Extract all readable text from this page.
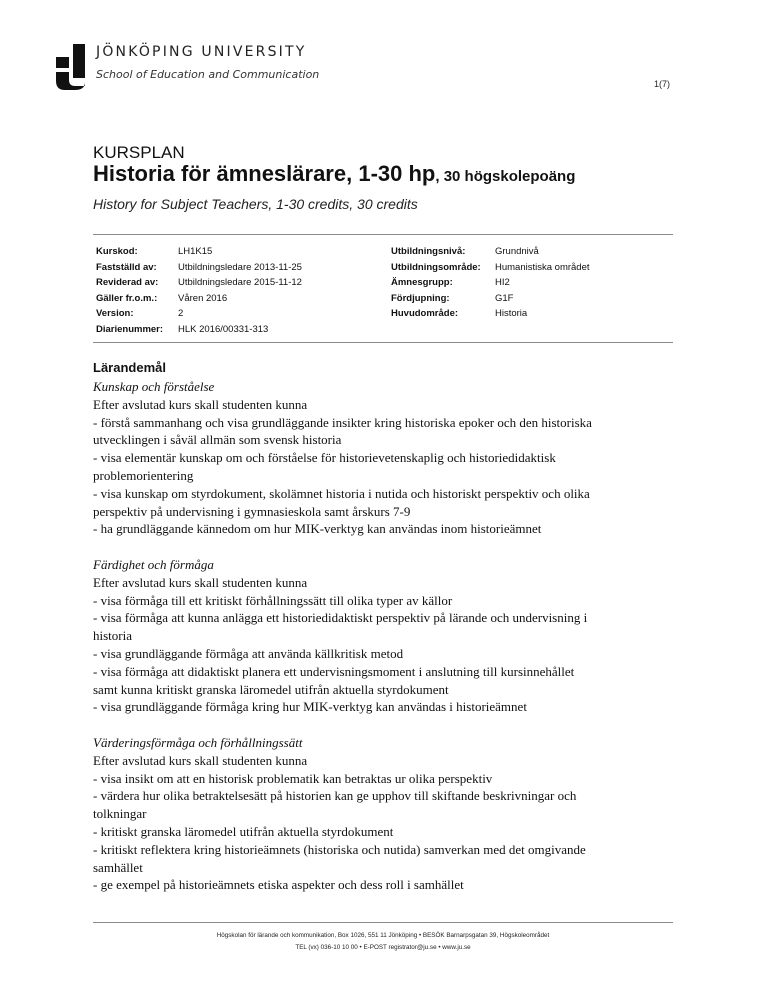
JÖNKÖPING UNIVERSITY
School of Education and Communication
1(7)
KURSPLAN
Historia för ämneslärare, 1-30 hp, 30 högskolepoäng
History for Subject Teachers, 1-30 credits, 30 credits
Kurskod:	LH1K15
Fastställd av: Utbildningsledare 2013-11-25
Reviderad av: Utbildningsledare 2015-11-12
Gäller fr.o.m.: Våren 2016
Version:	2
Diarienummer: HLK 2016/00331-313
Utbildningsnivå:	Grundnivå
Utbildningsområde: Humanistiska området
Ämnesgrupp:	HI2
Fördjupning:	G1F
Huvudområde:	Historia
Lärandemål
Kunskap och förståelse
Efter avslutad kurs skall studenten kunna
- förstå sammanhang och visa grundläggande insikter kring historiska epoker och den historiska
utvecklingen i såväl allmän som svensk historia
- visa elementär kunskap om och förståelse för historievetenskaplig och historiedidaktisk
problemorientering
- visa kunskap om styrdokument, skolämnet historia i nutida och historiskt perspektiv och olika
perspektiv på undervisning i gymnasieskola samt årskurs 7-9
- ha grundläggande kännedom om hur MIK-verktyg kan användas inom historieämnet
Färdighet och förmåga
Efter avslutad kurs skall studenten kunna
- visa förmåga till ett kritiskt förhållningssätt till olika typer av källor
- visa förmåga att kunna anlägga ett historiedidaktiskt perspektiv på lärande och undervisning i
historia
- visa grundläggande förmåga att använda källkritisk metod
- visa förmåga att didaktiskt planera ett undervisningsmoment i anslutning till kursinnehållet
samt kunna kritiskt granska läromedel utifrån aktuella styrdokument
- visa grundläggande förmåga kring hur MIK-verktyg kan användas i historieämnet
Värderingsförmåga och förhållningssätt
Efter avslutad kurs skall studenten kunna
- visa insikt om att en historisk problematik kan betraktas ur olika perspektiv
- värdera hur olika betraktelsesätt på historien kan ge upphov till skiftande beskrivningar och
tolkningar
- kritiskt granska läromedel utifrån aktuella styrdokument
- kritiskt reflektera kring historieämnets (historiska och nutida) samverkan med det omgivande
samhället
- ge exempel på historieämnets etiska aspekter och dess roll i samhället
Högskolan för lärande och kommunikation, Box 1026, 551 11 Jönköping • BESÖK Barnarpsgatan 39, Högskoleområdet
TEL (vx) 036-10 10 00 • E-POST registrator@ju.se • www.ju.se
